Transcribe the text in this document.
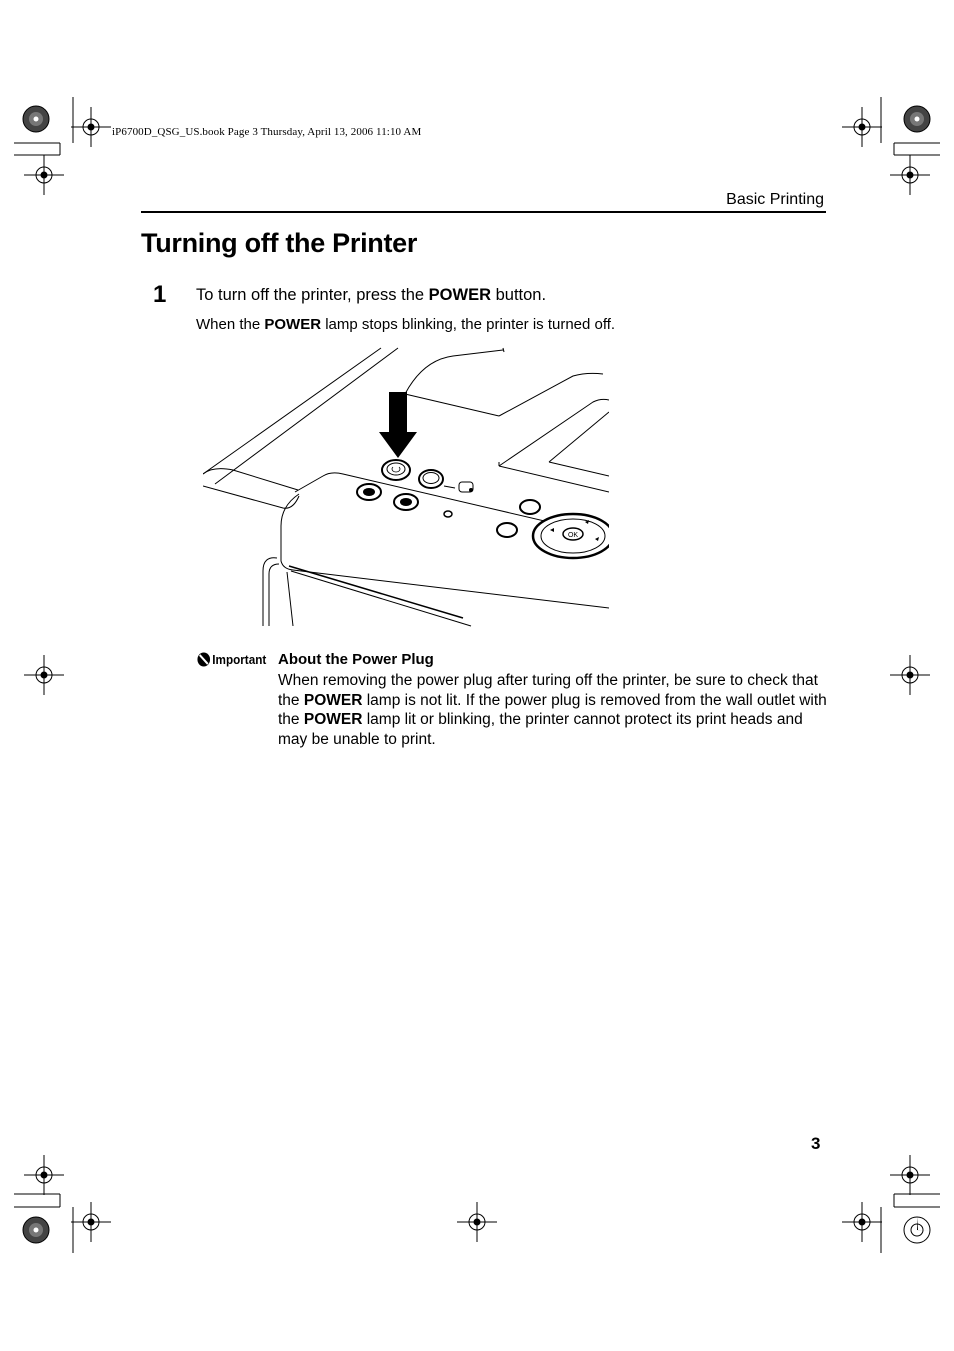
iP6700D_QSG_US.book Page 3 Thursday, April 13, 2006 11:10 AM
Basic Printing
Turning off the Printer
1 To turn off the printer, press the POWER button.
When the POWER lamp stops blinking, the printer is turned off.
OK
Important About the Power Plug
When removing the power plug after turing off the printer, be sure to check that the POWER lamp is not lit. If the power plug is removed from the wall outlet with the POWER lamp lit or blinking, the printer cannot protect its print heads and may be unable to print.
3
